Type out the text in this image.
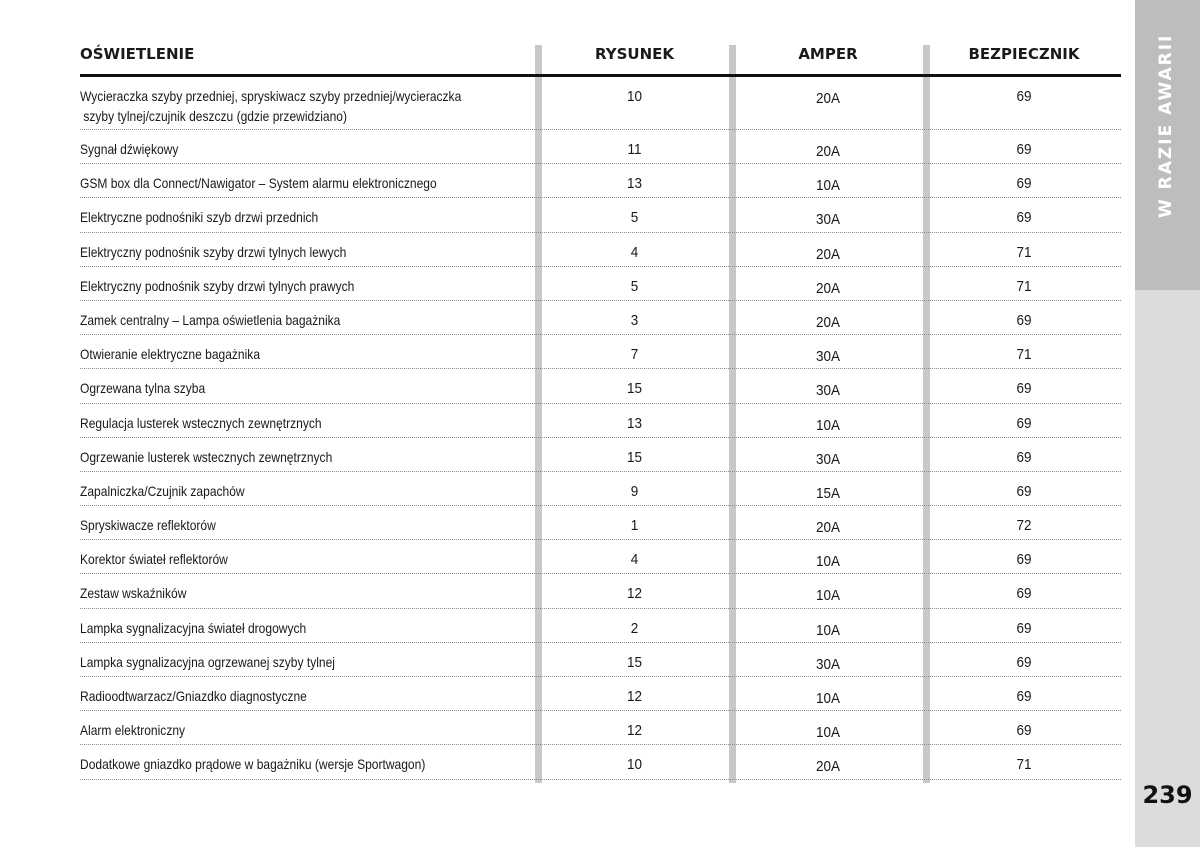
239
OŚWIETLENIE	RYSUNEK	AMPER	BEZPIECZNIK
Wycieraczka szyby przedniej, spryskiwacz szyby przedniej/wycieraczka
szyby tylnej/czujnik deszczu (gdzie przewidziano)
10	20A	69
Sygnał dźwiękowy	11	20A	69
GSM box dla Connect/Nawigator – System alarmu elektronicznego	13	10A	69
Elektryczne podnośniki szyb drzwi przednich	5	30A	69
Elektryczny podnośnik szyby drzwi tylnych lewych	4	20A	71
Elektryczny podnośnik szyby drzwi tylnych prawych	5	20A	71
Zamek centralny – Lampa oświetlenia bagażnika	3	20A	69
Otwieranie elektryczne bagażnika	7	30A	71
Ogrzewana tylna szyba	15	30A	69
Regulacja lusterek wstecznych zewnętrznych	13	10A	69
Ogrzewanie lusterek wstecznych zewnętrznych	15	30A	69
Zapalniczka/Czujnik zapachów	9	15A	69
Spryskiwacze reflektorów	1	20A	72
Korektor świateł reflektorów	4	10A	69
Zestaw wskaźników	12	10A	69
Lampka sygnalizacyjna świateł drogowych	2	10A	69
Lampka sygnalizacyjna ogrzewanej szyby tylnej	15	30A	69
Radioodtwarzacz/Gniazdko diagnostyczne	12	10A	69
Alarm elektroniczny	12	10A	69
Dodatkowe gniazdko prądowe w bagażniku (wersje Sportwagon)	10	20A	71
